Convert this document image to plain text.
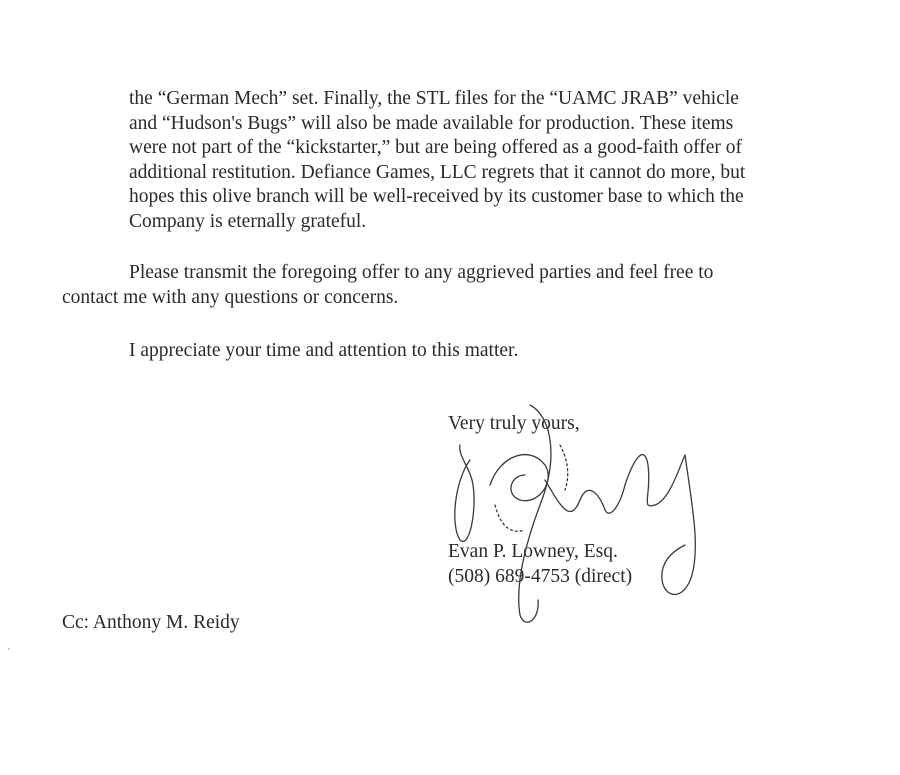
the “German Mech” set. Finally, the STL files for the “UAMC JRAB” vehicle
and “Hudson's Bugs” will also be made available for production. These items
were not part of the “kickstarter,” but are being offered as a good-faith offer of
additional restitution. Defiance Games, LLC regrets that it cannot do more, but
hopes this olive branch will be well-received by its customer base to which the
Company is eternally grateful.
Please transmit the foregoing offer to any aggrieved parties and feel free to
contact me with any questions or concerns.
I appreciate your time and attention to this matter.
Very truly yours,
Evan P. Lowney, Esq.
(508) 689-4753 (direct)
Cc: Anthony M. Reidy
